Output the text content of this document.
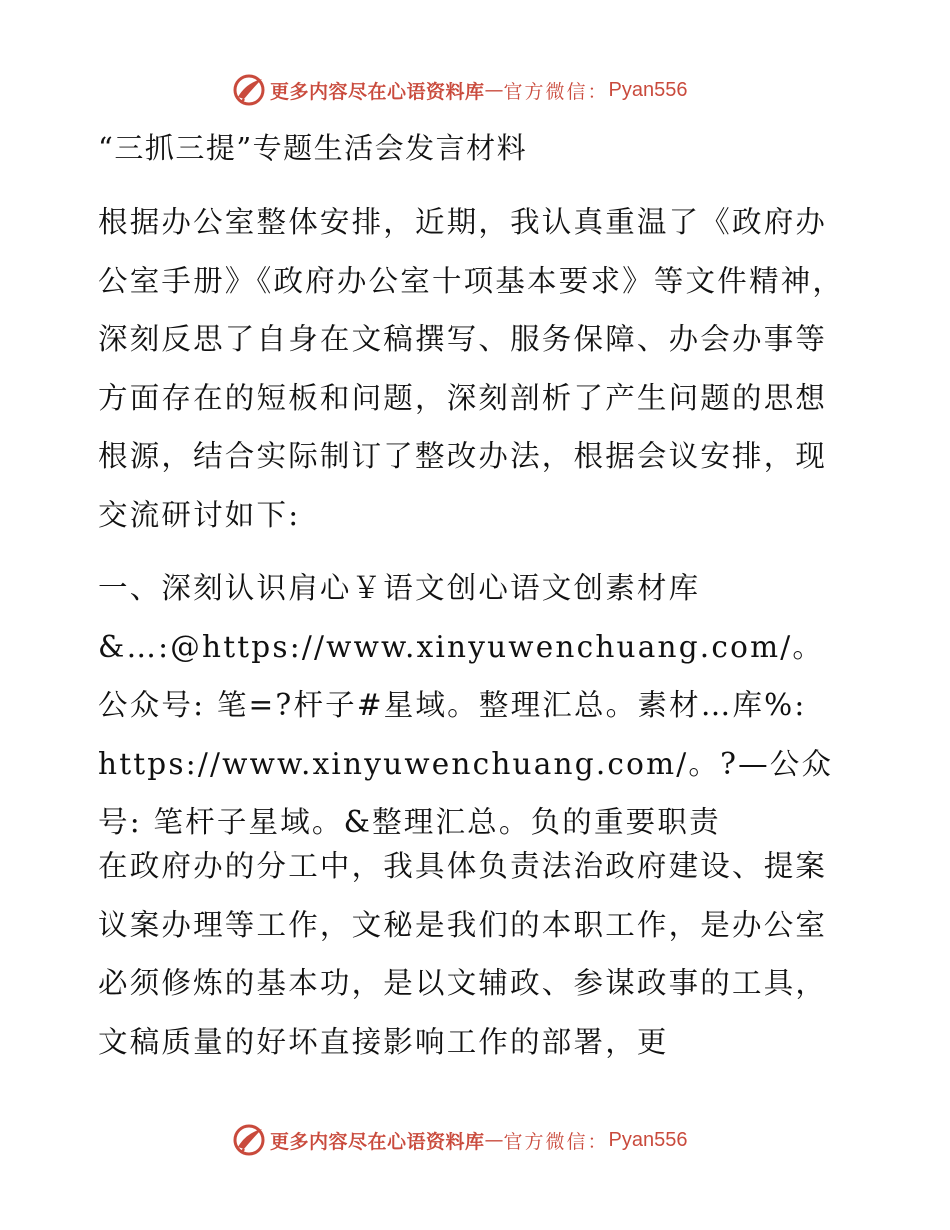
更多内容尽在心语资料库 — 官方微信： Pyan556
“三抓三提”专题生活会发言材料

根据办公室整体安排，近期，我认真重温了《政府办公室手册》《政府办公室十项基本要求》等文件精神，深刻反思了自身在文稿撰写、服务保障、办会办事等方面存在的短板和问题，深刻剖析了产生问题的思想根源，结合实际制订了整改办法，根据会议安排，现交流研讨如下:

一、深刻认识肩心￥语文创心语文创素材库&…:@https://www.xinyuwenchuang.com/。公众号: 笔=?杆子#星域。整理汇总。素材…库%: https://www.xinyuwenchuang.com/。?—公众号: 笔杆子星域。&整理汇总。负的重要职责

在政府办的分工中，我具体负责法治政府建设、提案议案办理等工作，文秘是我们的本职工作，是办公室必须修炼的基本功，是以文辅政、参谋政事的工具，文稿质量的好坏直接影响工作的部署，更

更多内容尽在心语资料库 — 官方微信： Pyan556
